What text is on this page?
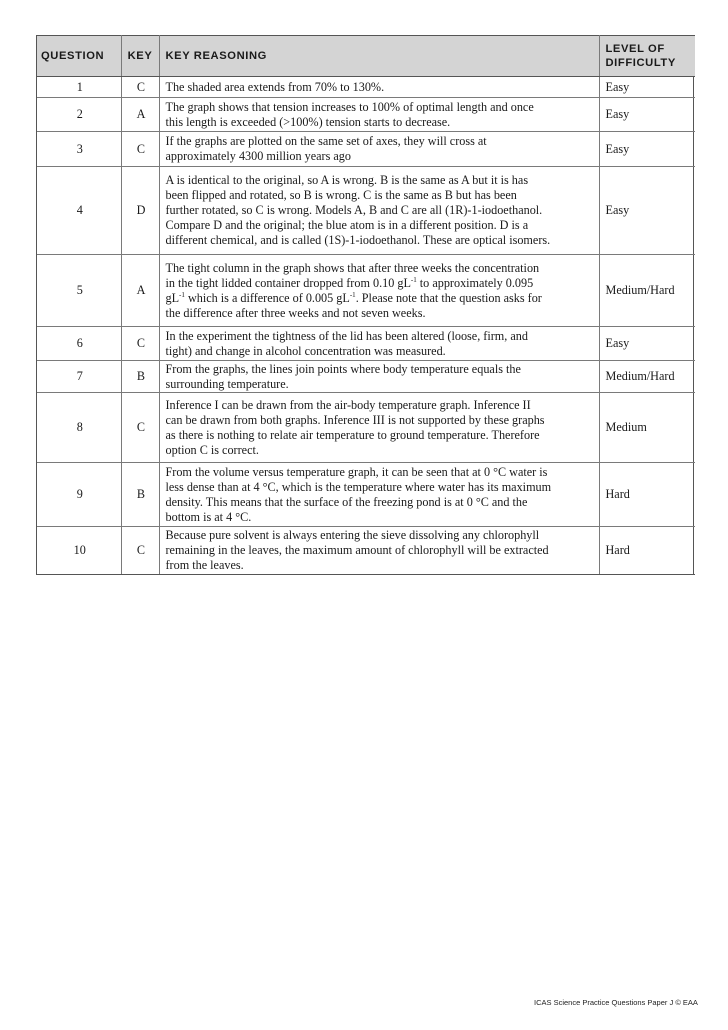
QUESTION	KEY	KEY REASONING	LEVEL OF
DIFFICULTY

1	C	The shaded area extends from 70% to 130%.	Easy
2	A	The graph shows that tension increases to 100% of optimal length and once
this length is exceeded (>100%) tension starts to decrease.	Easy
3	C	If the graphs are plotted on the same set of axes, they will cross at
approximately 4300 million years ago	Easy
4	D	A is identical to the original, so A is wrong. B is the same as A but it is has
been flipped and rotated, so B is wrong. C is the same as B but has been
further rotated, so C is wrong. Models A, B and C are all (1R)-1-iodoethanol.
Compare D and the original; the blue atom is in a different position. D is a
different chemical, and is called (1S)-1-iodoethanol. These are optical isomers.	Easy
5	A	The tight column in the graph shows that after three weeks the concentration
in the tight lidded container dropped from 0.10 $gL^{-1}$ to approximately 0.095
$gL^{-1}$ which is a difference of 0.005 $gL^{-1}$. Please note that the question asks for
the difference after three weeks and not seven weeks.	Medium/Hard
6	C	In the experiment the tightness of the lid has been altered (loose, firm, and
tight) and change in alcohol concentration was measured.	Easy
7	B	From the graphs, the lines join points where body temperature equals the
surrounding temperature.	Medium/Hard
8	C	Inference I can be drawn from the air-body temperature graph. Inference II
can be drawn from both graphs. Inference III is not supported by these graphs
as there is nothing to relate air temperature to ground temperature. Therefore
option C is correct.	Medium
9	B	From the volume versus temperature graph, it can be seen that at 0 °C water is
less dense than at 4 °C, which is the temperature where water has its maximum
density. This means that the surface of the freezing pond is at 0 °C and the
bottom is at 4 °C.	Hard
10	C	Because pure solvent is always entering the sieve dissolving any chlorophyll
remaining in the leaves, the maximum amount of chlorophyll will be extracted
from the leaves.	Hard
ICAS Science Practice Questions Paper J © EAA
